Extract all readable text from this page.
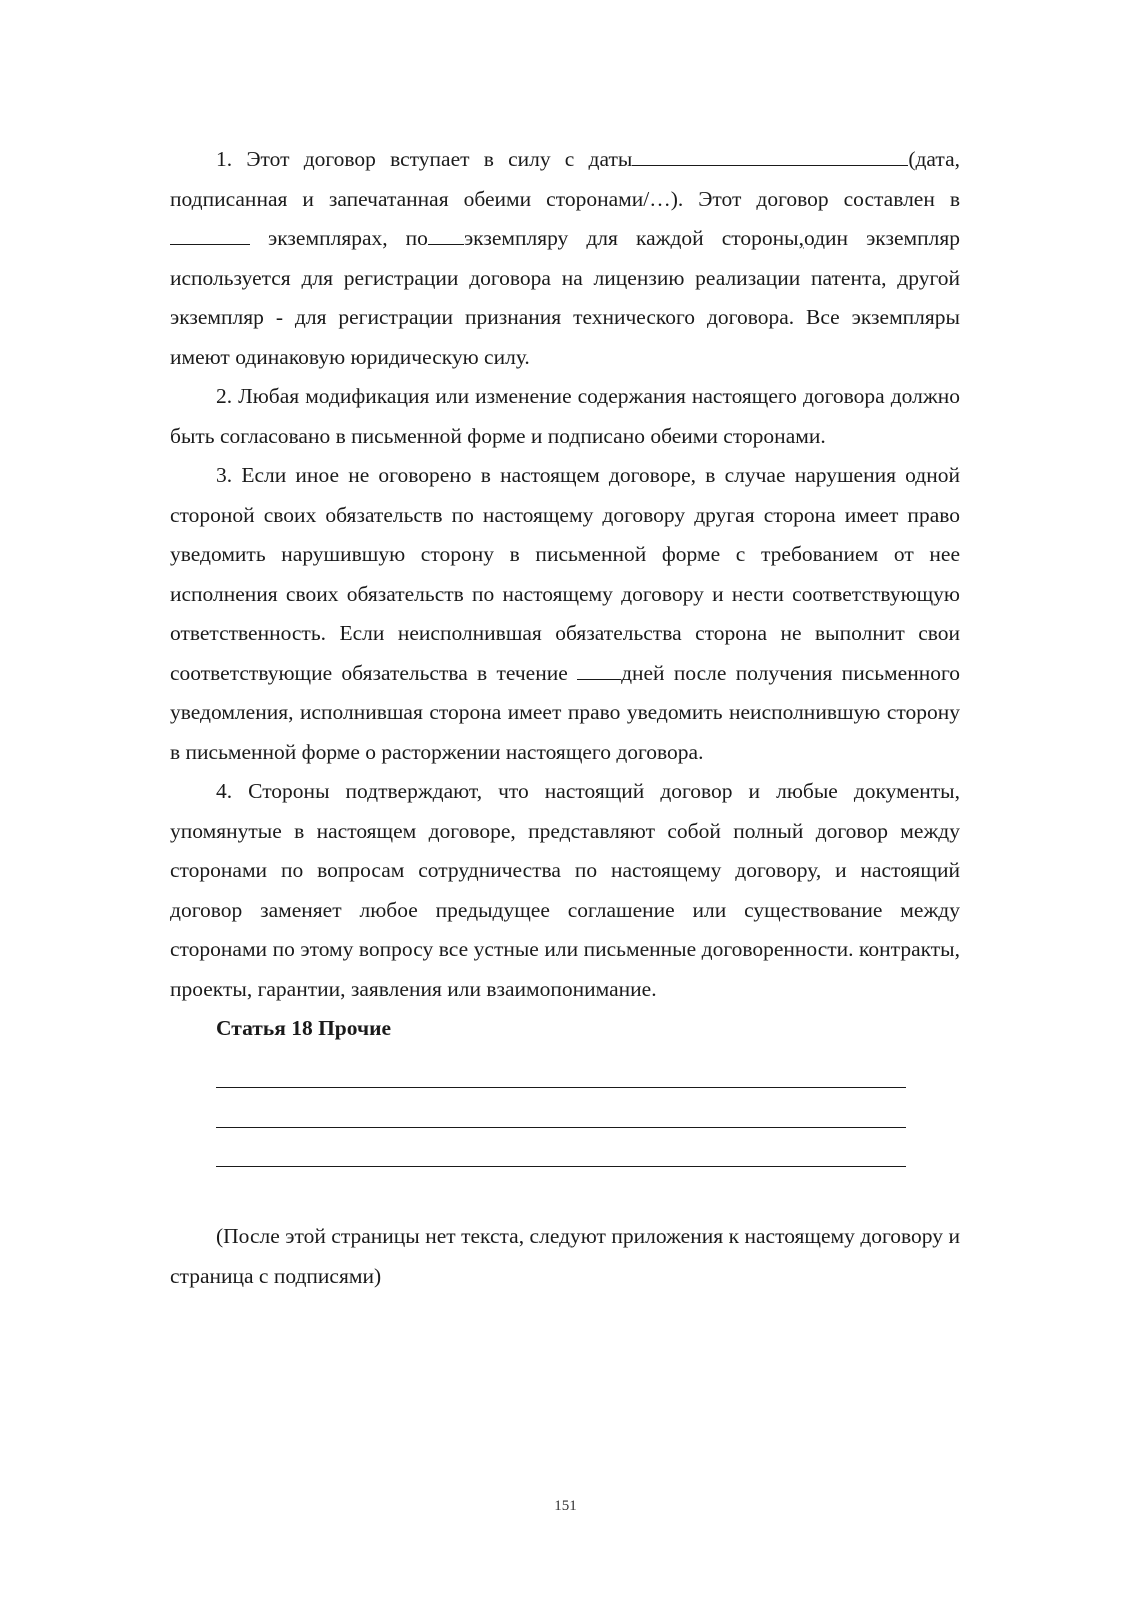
1. Этот договор вступает в силу с даты	(дата, подписанная и запечатанная обеими сторонами/…). Этот договор составлен в  экземплярах, по экземпляру для каждой стороны,один экземпляр используется для регистрации договора на лицензию реализации патента, другой экземпляр - для регистрации признания технического договора. Все экземпляры имеют одинаковую юридическую силу.

2. Любая модификация или изменение содержания настоящего договора должно быть согласовано в письменной форме и подписано обеими сторонами.

3. Если иное не оговорено в настоящем договоре, в случае нарушения одной стороной своих обязательств по настоящему договору другая сторона имеет право уведомить нарушившую сторону в письменной форме с требованием от нее исполнения своих обязательств по настоящему договору и нести соответствующую ответственность. Если неисполнившая обязательства сторона не выполнит свои соответствующие обязательства в течение дней после получения письменного уведомления, исполнившая сторона имеет право уведомить неисполнившую сторону в письменной форме о расторжении настоящего договора.

4. Стороны подтверждают, что настоящий договор и любые документы, упомянутые в настоящем договоре, представляют собой полный договор между сторонами по вопросам сотрудничества по настоящему договору, и настоящий договор заменяет любое предыдущее соглашение или существование между сторонами по этому вопросу все устные или письменные договоренности. контракты, проекты, гарантии, заявления или взаимопонимание.

Статья 18 Прочие

(После этой страницы нет текста, следуют приложения к настоящему договору и страница с подписями)

151
